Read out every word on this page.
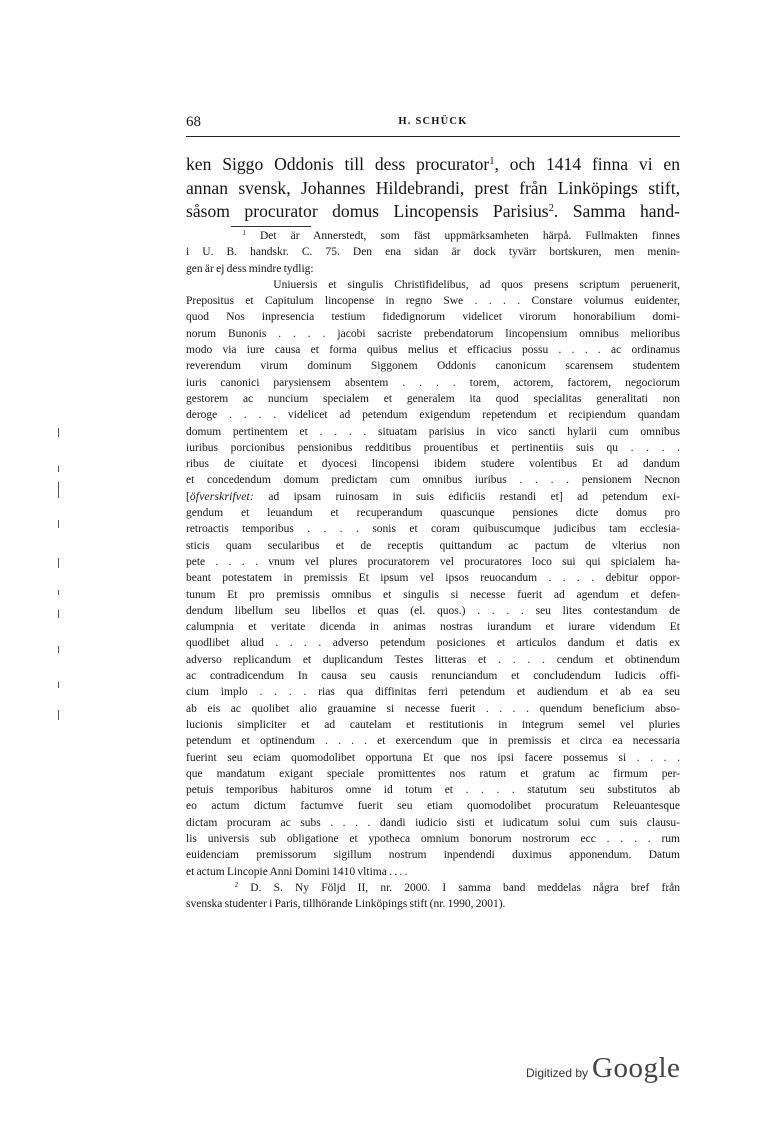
68	H. SCHÜCK
ken Siggo Oddonis till dess procurator$^1$, och 1414 finna vi en
annan svensk, Johannes Hildebrandi, prest från Linköpings stift,
såsom procurator domus Lincopensis Parisius$^2$. Samma hand-
$^1$ Det är Annerstedt, som fäst uppmärksamheten härpå. Fullmakten finnes
i U. B. handskr. C. 75. Den ena sidan är dock tyvärr bortskuren, men menin-
gen är ej dess mindre tydlig:
Uniuersis et singulis Christifidelibus, ad quos presens scriptum peruenerit,
Prepositus et Capitulum lincopense in regno Swe . . . . Constare volumus euidenter,
quod Nos inpresencia testium fidedignorum videlicet virorum honorabilium domi-
norum Bunonis . . . . jacobi sacriste prebendatorum lincopensium omnibus melioribus
modo via iure causa et forma quibus melius et efficacius possu . . . . ac ordinamus
reverendum virum dominum Siggonem Oddonis canonicum scarensem studentem
iuris canonici parysiensem absentem . . . . torem, actorem, factorem, negociorum
gestorem ac nuncium specialem et generalem ita quod specialitas generalitati non
deroge . . . . videlicet ad petendum exigendum repetendum et recipiendum quandam
domum pertinentem et . . . . situatam parisius in vico sancti hylarii cum omnibus
iuribus porcionibus pensionibus redditibus prouentibus et pertinentiis suis qu . . . .
ribus de ciuitate et dyocesi lincopensi ibidem studere volentibus Et ad dandum
et concedendum domum predictam cum omnibus iuribus . . . . pensionem Necnon
[öfverskrifvet: ad ipsam ruinosam in suis edificiis restandi et] ad petendum exi-
gendum et leuandum et recuperandum quascunque pensiones dicte domus pro
retroactis temporibus . . . . sonis et coram quibuscumque judicibus tam ecclesia-
sticis quam secularibus et de receptis quittandum ac pactum de vlterius non
pete . . . . vnum vel plures procuratorem vel procuratores loco sui qui spicialem ha-
beant potestatem in premissis Et ipsum vel ipsos reuocandum . . . . debitur oppor-
tunum Et pro premissis omnibus et singulis si necesse fuerit ad agendum et defen-
dendum libellum seu libellos et quas (el. quos.) . . . . seu lites contestandum de
calumpnia et veritate dicenda in animas nostras iurandum et iurare videndum Et
quodlibet aliud . . . . adverso petendum posiciones et articulos dandum et datis ex
adverso replicandum et duplicandum Testes litteras et . . . . cendum et obtinendum
ac contradicendum In causa seu causis renunciandum et concludendum Iudicis offi-
cium implo . . . . rias qua diffinitas ferri petendum et audiendum et ab ea seu
ab eis ac quolibet alio grauamine si necesse fuerit . . . . quendum beneficium abso-
lucionis simpliciter et ad cautelam et restitutionis in integrum semel vel pluries
petendum et optinendum . . . . et exercendum que in premissis et circa ea necessaria
fuerint seu eciam quomodolibet opportuna Et que nos ipsi facere possemus si . . . .
que mandatum exigant speciale promittentes nos ratum et gratum ac firmum per-
petuis temporibus habituros omne id totum et . . . . statutum seu substitutos ab
eo actum dictum factumve fuerit seu etiam quomodolibet procuratum Releuantesque
dictam procuram ac subs . . . . dandi iudicio sisti et iudicatum solui cum suis clausu-
lis universis sub obligatione et ypotheca omnium bonorum nostrorum ecc . . . . rum
euidenciam premissorum sigillum nostrum inpendendi duximus apponendum. Datum
et actum Lincopie Anni Domini 1410 vltima . . . .
$^2$ D. S. Ny Följd II, nr. 2000. I samma band meddelas några bref från
svenska studenter i Paris, tillhörande Linköpings stift (nr. 1990, 2001).
Digitized by Google
